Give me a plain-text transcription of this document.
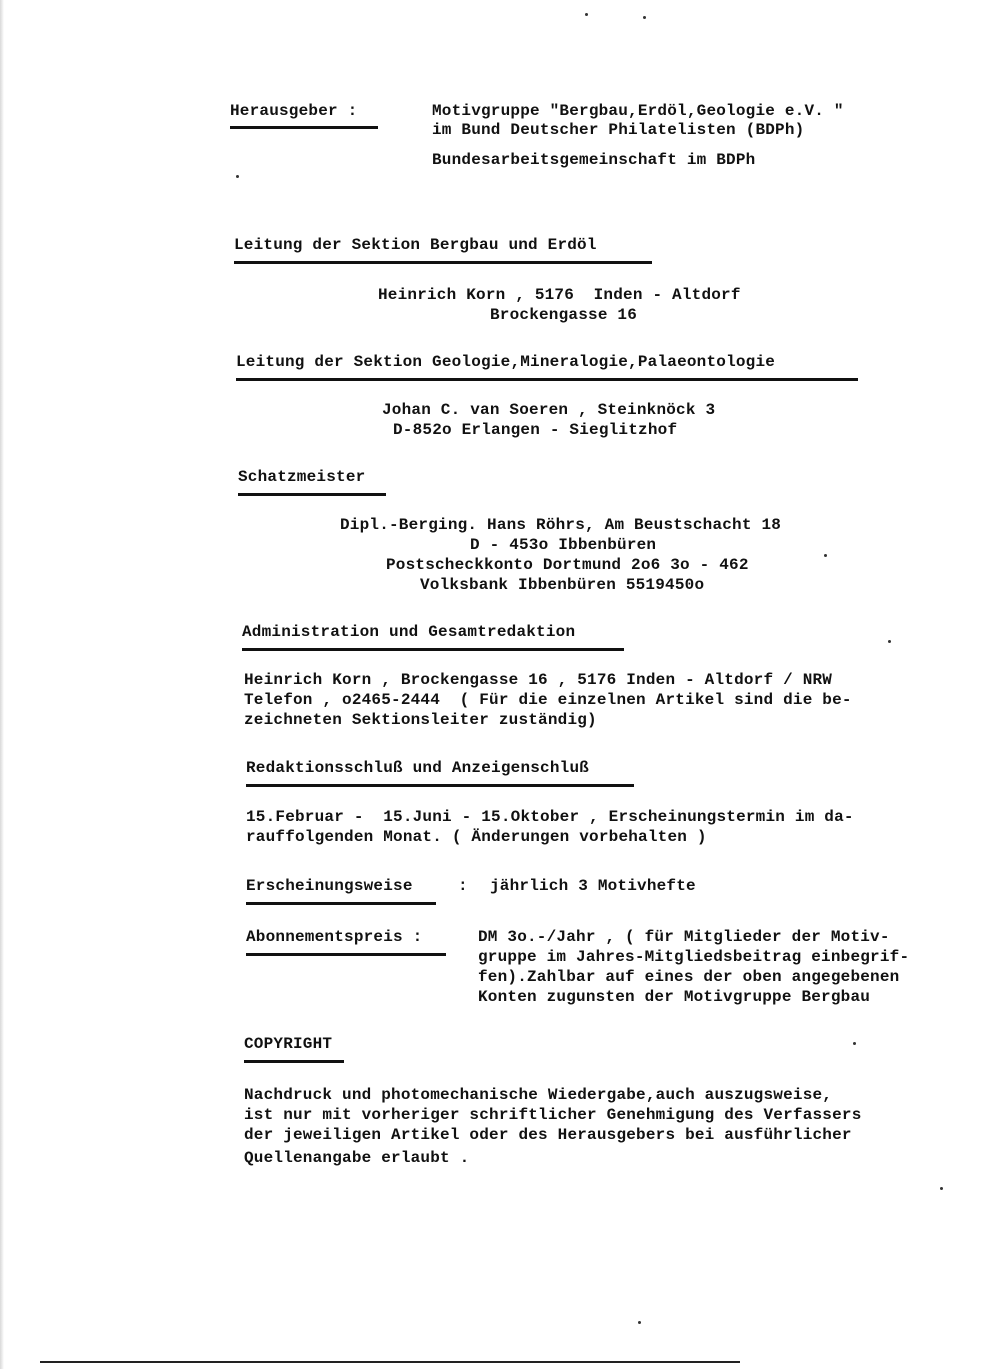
Herausgeber :	Motivgruppe "Bergbau,Erdöl,Geologie e.V. "
im Bund Deutscher Philatelisten (BDPh)
Bundesarbeitsgemeinschaft im BDPh
Leitung der Sektion Bergbau und Erdöl
Heinrich Korn , 5176  Inden - Altdorf
Brockengasse 16
Leitung der Sektion Geologie,Mineralogie,Palaeontologie
Johan C. van Soeren , Steinknöck 3
D-852o Erlangen - Sieglitzhof
Schatzmeister
Dipl.-Berging. Hans Röhrs, Am Beustschacht 18
D - 453o Ibbenbüren
Postscheckkonto Dortmund 2o6 3o - 462
Volksbank Ibbenbüren 5519450o
Administration und Gesamtredaktion
Heinrich Korn , Brockengasse 16 , 5176 Inden - Altdorf / NRW
Telefon , o2465-2444  ( Für die einzelnen Artikel sind die be-
zeichneten Sektionsleiter zuständig)
Redaktionsschluß und Anzeigenschluß
15.Februar -  15.Juni - 15.Oktober , Erscheinungstermin im da-
rauffolgenden Monat. ( Änderungen vorbehalten )
Erscheinungsweise	: jährlich 3 Motivhefte
Abonnementspreis :	DM 3o.-/Jahr , ( für Mitglieder der Motiv-
gruppe im Jahres-Mitgliedsbeitrag einbegrif-
fen).Zahlbar auf eines der oben angegebenen
Konten zugunsten der Motivgruppe Bergbau
COPYRIGHT
Nachdruck und photomechanische Wiedergabe,auch auszugsweise,
ist nur mit vorheriger schriftlicher Genehmigung des Verfassers
der jeweiligen Artikel oder des Herausgebers bei ausführlicher
Quellenangabe erlaubt .
